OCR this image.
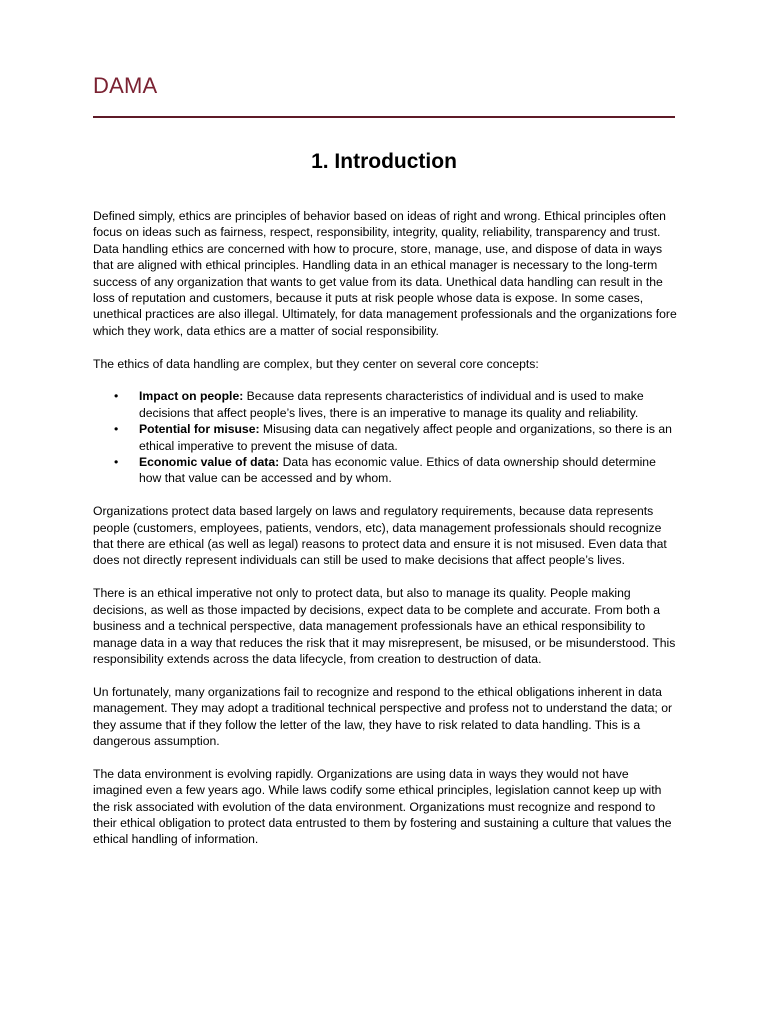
DAMA
1. Introduction

Defined simply, ethics are principles of behavior based on ideas of right and wrong. Ethical principles often focus on ideas such as fairness, respect, responsibility, integrity, quality, reliability, transparency and trust. Data handling ethics are concerned with how to procure, store, manage, use, and dispose of data in ways that are aligned with ethical principles. Handling data in an ethical manager is necessary to the long-term success of any organization that wants to get value from its data. Unethical data handling can result in the loss of reputation and customers, because it puts at risk people whose data is expose. In some cases, unethical practices are also illegal. Ultimately, for data management professionals and the organizations fore which they work, data ethics are a matter of social responsibility.

The ethics of data handling are complex, but they center on several core concepts:

• Impact on people: Because data represents characteristics of individual and is used to make decisions that affect people’s lives, there is an imperative to manage its quality and reliability.
• Potential for misuse: Misusing data can negatively affect people and organizations, so there is an ethical imperative to prevent the misuse of data.
• Economic value of data: Data has economic value. Ethics of data ownership should determine how that value can be accessed and by whom.

Organizations protect data based largely on laws and regulatory requirements, because data represents people (customers, employees, patients, vendors, etc), data management professionals should recognize that there are ethical (as well as legal) reasons to protect data and ensure it is not misused. Even data that does not directly represent individuals can still be used to make decisions that affect people’s lives.

There is an ethical imperative not only to protect data, but also to manage its quality. People making decisions, as well as those impacted by decisions, expect data to be complete and accurate. From both a business and a technical perspective, data management professionals have an ethical responsibility to manage data in a way that reduces the risk that it may misrepresent, be misused, or be misunderstood. This responsibility extends across the data lifecycle, from creation to destruction of data.

Un fortunately, many organizations fail to recognize and respond to the ethical obligations inherent in data management. They may adopt a traditional technical perspective and profess not to understand the data; or they assume that if they follow the letter of the law, they have to risk related to data handling. This is a dangerous assumption.

The data environment is evolving rapidly. Organizations are using data in ways they would not have imagined even a few years ago. While laws codify some ethical principles, legislation cannot keep up with the risk associated with evolution of the data environment. Organizations must recognize and respond to their ethical obligation to protect data entrusted to them by fostering and sustaining a culture that values the ethical handling of information.
